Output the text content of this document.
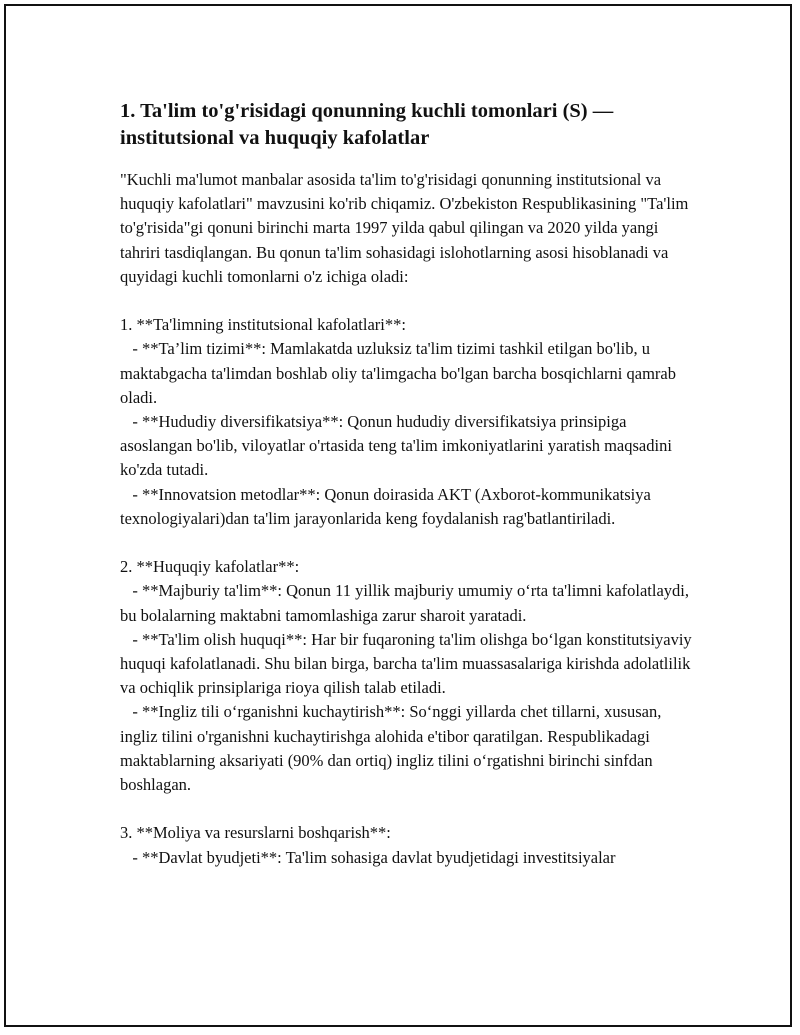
1. Ta'lim to'g'risidagi qonunning kuchli tomonlari (S) — institutsional va huquqiy kafolatlar

"Kuchli ma'lumot manbalar asosida ta'lim to'g'risidagi qonunning institutsional va huquqiy kafolatlari" mavzusini ko'rib chiqamiz. O'zbekiston Respublikasining "Ta'lim to'g'risida"gi qonuni birinchi marta 1997 yilda qabul qilingan va 2020 yilda yangi tahriri tasdiqlangan. Bu qonun ta'lim sohasidagi islohotlarning asosi hisoblanadi va quyidagi kuchli tomonlarni o'z ichiga oladi:

1. **Ta'limning institutsional kafolatlari**:
- **Ta’lim tizimi**: Mamlakatda uzluksiz ta'lim tizimi tashkil etilgan bo'lib, u maktabgacha ta'limdan boshlab oliy ta'limgacha bo'lgan barcha bosqichlarni qamrab oladi.
- **Hududiy diversifikatsiya**: Qonun hududiy diversifikatsiya prinsipiga asoslangan bo'lib, viloyatlar o'rtasida teng ta'lim imkoniyatlarini yaratish maqsadini ko'zda tutadi.
- **Innovatsion metodlar**: Qonun doirasida AKT (Axborot-kommunikatsiya texnologiyalari)dan ta'lim jarayonlarida keng foydalanish rag'batlantiriladi.

2. **Huquqiy kafolatlar**:
- **Majburiy ta'lim**: Qonun 11 yillik majburiy umumiy o‘rta ta'limni kafolatlaydi, bu bolalarning maktabni tamomlashiga zarur sharoit yaratadi.
- **Ta'lim olish huquqi**: Har bir fuqaroning ta'lim olishga bo‘lgan konstitutsiyaviy huquqi kafolatlanadi. Shu bilan birga, barcha ta'lim muassasalariga kirishda adolatlilik va ochiqlik prinsiplariga rioya qilish talab etiladi.
- **Ingliz tili o‘rganishni kuchaytirish**: So‘nggi yillarda chet tillarni, xususan, ingliz tilini o'rganishni kuchaytirishga alohida e'tibor qaratilgan. Respublikadagi maktablarning aksariyati (90% dan ortiq) ingliz tilini o‘rgatishni birinchi sinfdan boshlagan.

3. **Moliya va resurslarni boshqarish**:
- **Davlat byudjeti**: Ta'lim sohasiga davlat byudjetidagi investitsiyalar
